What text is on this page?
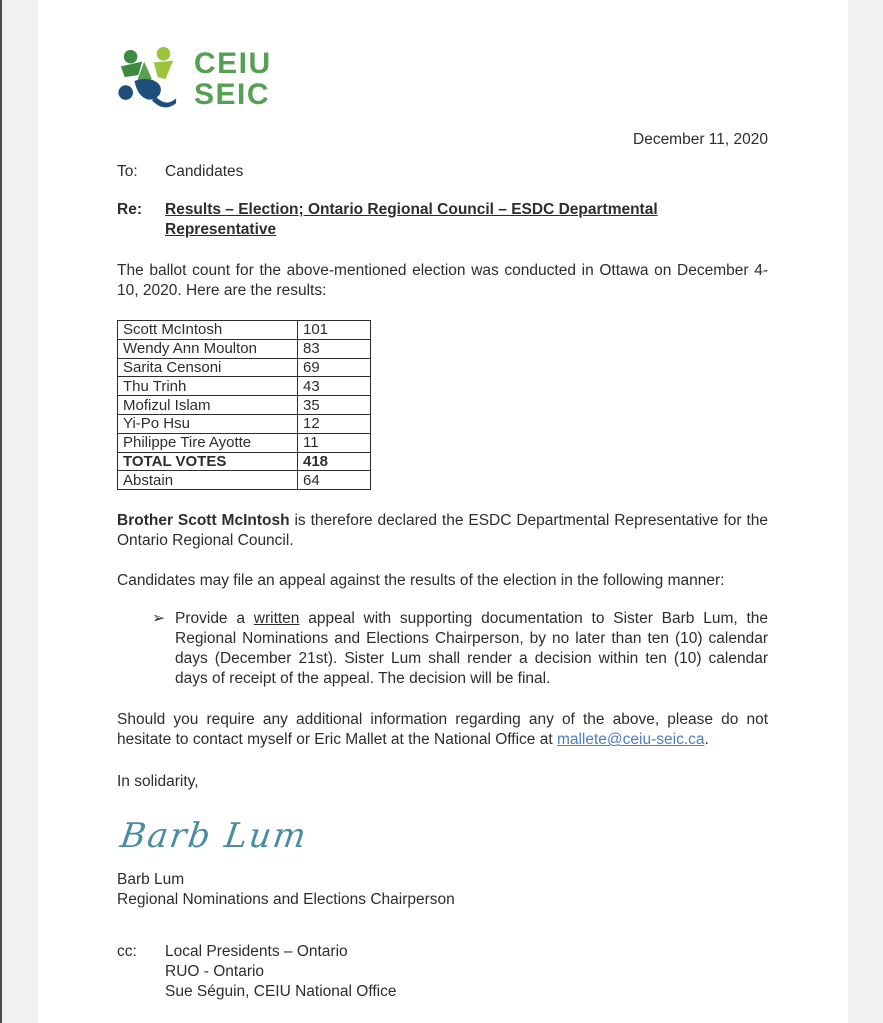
CEIU
SEIC
December 11, 2020
To:	Candidates
Re:	Results – Election; Ontario Regional Council – ESDC Departmental
Representative
The ballot count for the above-mentioned election was conducted in Ottawa on December 4-10, 2020. Here are the results:
Scott McIntosh	101
Wendy Ann Moulton	83
Sarita Censoni	69
Thu Trinh	43
Mofizul Islam	35
Yi-Po Hsu	12
Philippe Tire Ayotte	11
TOTAL VOTES	418
Abstain	64
Brother Scott McIntosh is therefore declared the ESDC Departmental Representative for the Ontario Regional Council.
Candidates may file an appeal against the results of the election in the following manner:
➢ Provide a written appeal with supporting documentation to Sister Barb Lum, the Regional Nominations and Elections Chairperson, by no later than ten (10) calendar days (December 21st). Sister Lum shall render a decision within ten (10) calendar days of receipt of the appeal. The decision will be final.
Should you require any additional information regarding any of the above, please do not hesitate to contact myself or Eric Mallet at the National Office at mallete@ceiu-seic.ca.
In solidarity,
Barb Lum
Barb Lum
Regional Nominations and Elections Chairperson
cc:	Local Presidents – Ontario
RUO - Ontario
Sue Séguin, CEIU National Office
